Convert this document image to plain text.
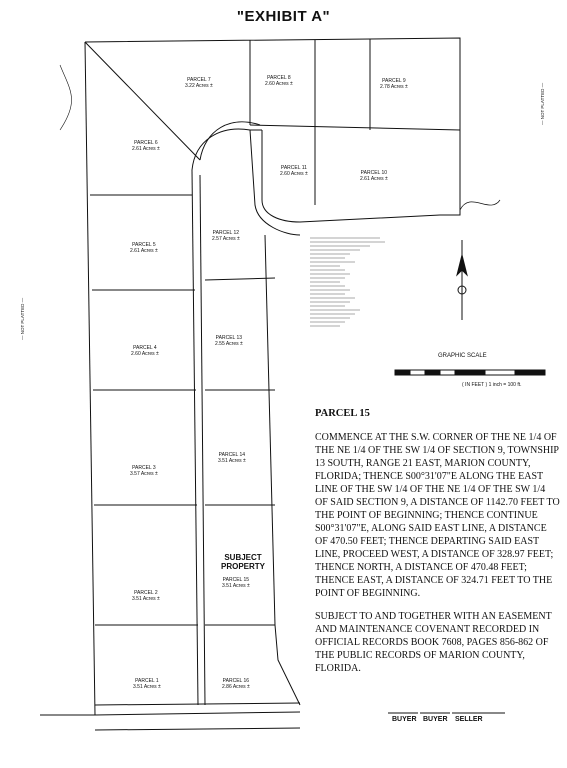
"EXHIBIT A"
PARCEL 7
3.22 Acres ±
PARCEL 8
2.60 Acres ±	PARCEL 9
2.78 Acres ±
PARCEL 6
2.61 Acres ±
PARCEL 11
2.60 Acres ±	PARCEL 10
2.61 Acres ±
PARCEL 5
2.61 Acres ±
PARCEL 12
2.57 Acres ±
PARCEL 4
2.60 Acres ±
PARCEL 13
2.55 Acres ±
PARCEL 3
3.57 Acres ±
PARCEL 14
3.51 Acres ±
PARCEL 2
3.51 Acres ±
PARCEL 15
3.51 Acres ±
PARCEL 1
3.51 Acres ±
PARCEL 16
2.86 Acres ±
SUBJECT PROPERTY
— NOT PLATTED —
— NOT PLATTED —
GRAPHIC SCALE
( IN FEET ) 1 inch = 100 ft.
PARCEL 15

COMMENCE AT THE S.W. CORNER OF THE NE 1/4 OF THE NE 1/4 OF THE SW 1/4 OF SECTION 9, TOWNSHIP 13 SOUTH, RANGE 21 EAST, MARION COUNTY, FLORIDA; THENCE S00°31'07"E ALONG THE EAST LINE OF THE SW 1/4 OF THE NE 1/4 OF THE SW 1/4 OF SAID SECTION 9, A DISTANCE OF 1142.70 FEET TO THE POINT OF BEGINNING; THENCE CONTINUE S00°31'07"E, ALONG SAID EAST LINE, A DISTANCE OF 470.50 FEET; THENCE DEPARTING SAID EAST LINE, PROCEED WEST, A DISTANCE OF 328.97 FEET; THENCE NORTH, A DISTANCE OF 470.48 FEET; THENCE EAST, A DISTANCE OF 324.71 FEET TO THE POINT OF BEGINNING.

SUBJECT TO AND TOGETHER WITH AN EASEMENT AND MAINTENANCE COVENANT RECORDED IN OFFICIAL RECORDS BOOK 7608, PAGES 856-862 OF THE PUBLIC RECORDS OF MARION COUNTY, FLORIDA.

BUYER BUYER SELLER
